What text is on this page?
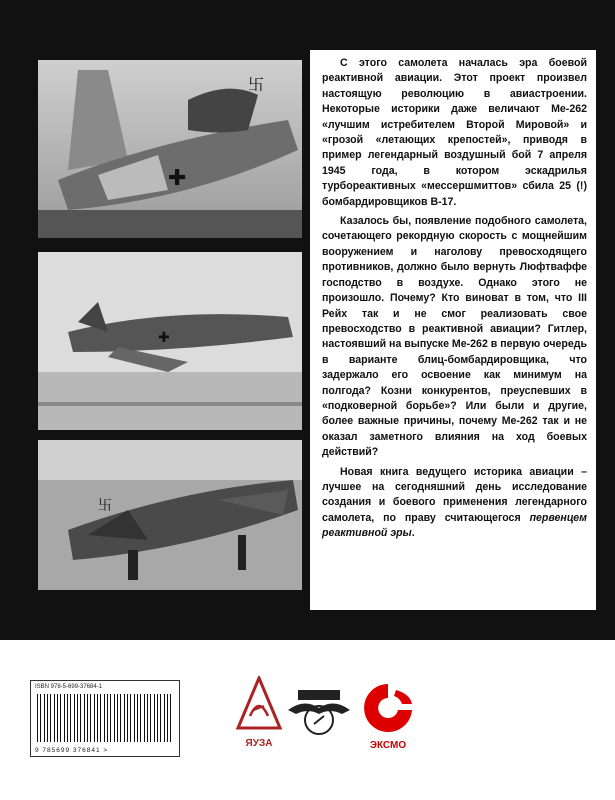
✚
卐
✚
卐

С этого самолета началась эра боевой реактивной авиации. Этот проект произвел настоящую революцию в авиастроении. Некоторые историки даже величают Ме-262 «лучшим истребителем Второй Мировой» и «грозой «летающих крепостей», приводя в пример легендарный воздушный бой 7 апреля 1945 года, в котором эскадрилья турбореактивных «мессершмиттов» сбила 25 (!) бомбардировщиков В-17.

Казалось бы, появление подобного самолета, сочетающего рекордную скорость с мощнейшим вооружением и наголову превосходящего противников, должно было вернуть Люфтваффе господство в воздухе. Однако этого не произошло. Почему? Кто виноват в том, что III Рейх так и не смог реализовать свое превосходство в реактивной авиации? Гитлер, настоявший на выпуске Ме-262 в первую очередь в варианте блиц-бомбардировщика, что задержало его освоение как минимум на полгода? Козни конкурентов, преуспевших в «подковерной борьбе»? Или были и другие, более важные причины, почему Ме-262 так и не оказал заметного влияния на ход боевых действий?

Новая книга ведущего историка авиации – лучшее на сегодняшний день исследование создания и боевого применения легендарного самолета, по праву считающегося первенцем реактивной эры.

ISBN 978-5-699-37684-1
9 785699 376841 >
ЯУЗА	ЭКСМО
